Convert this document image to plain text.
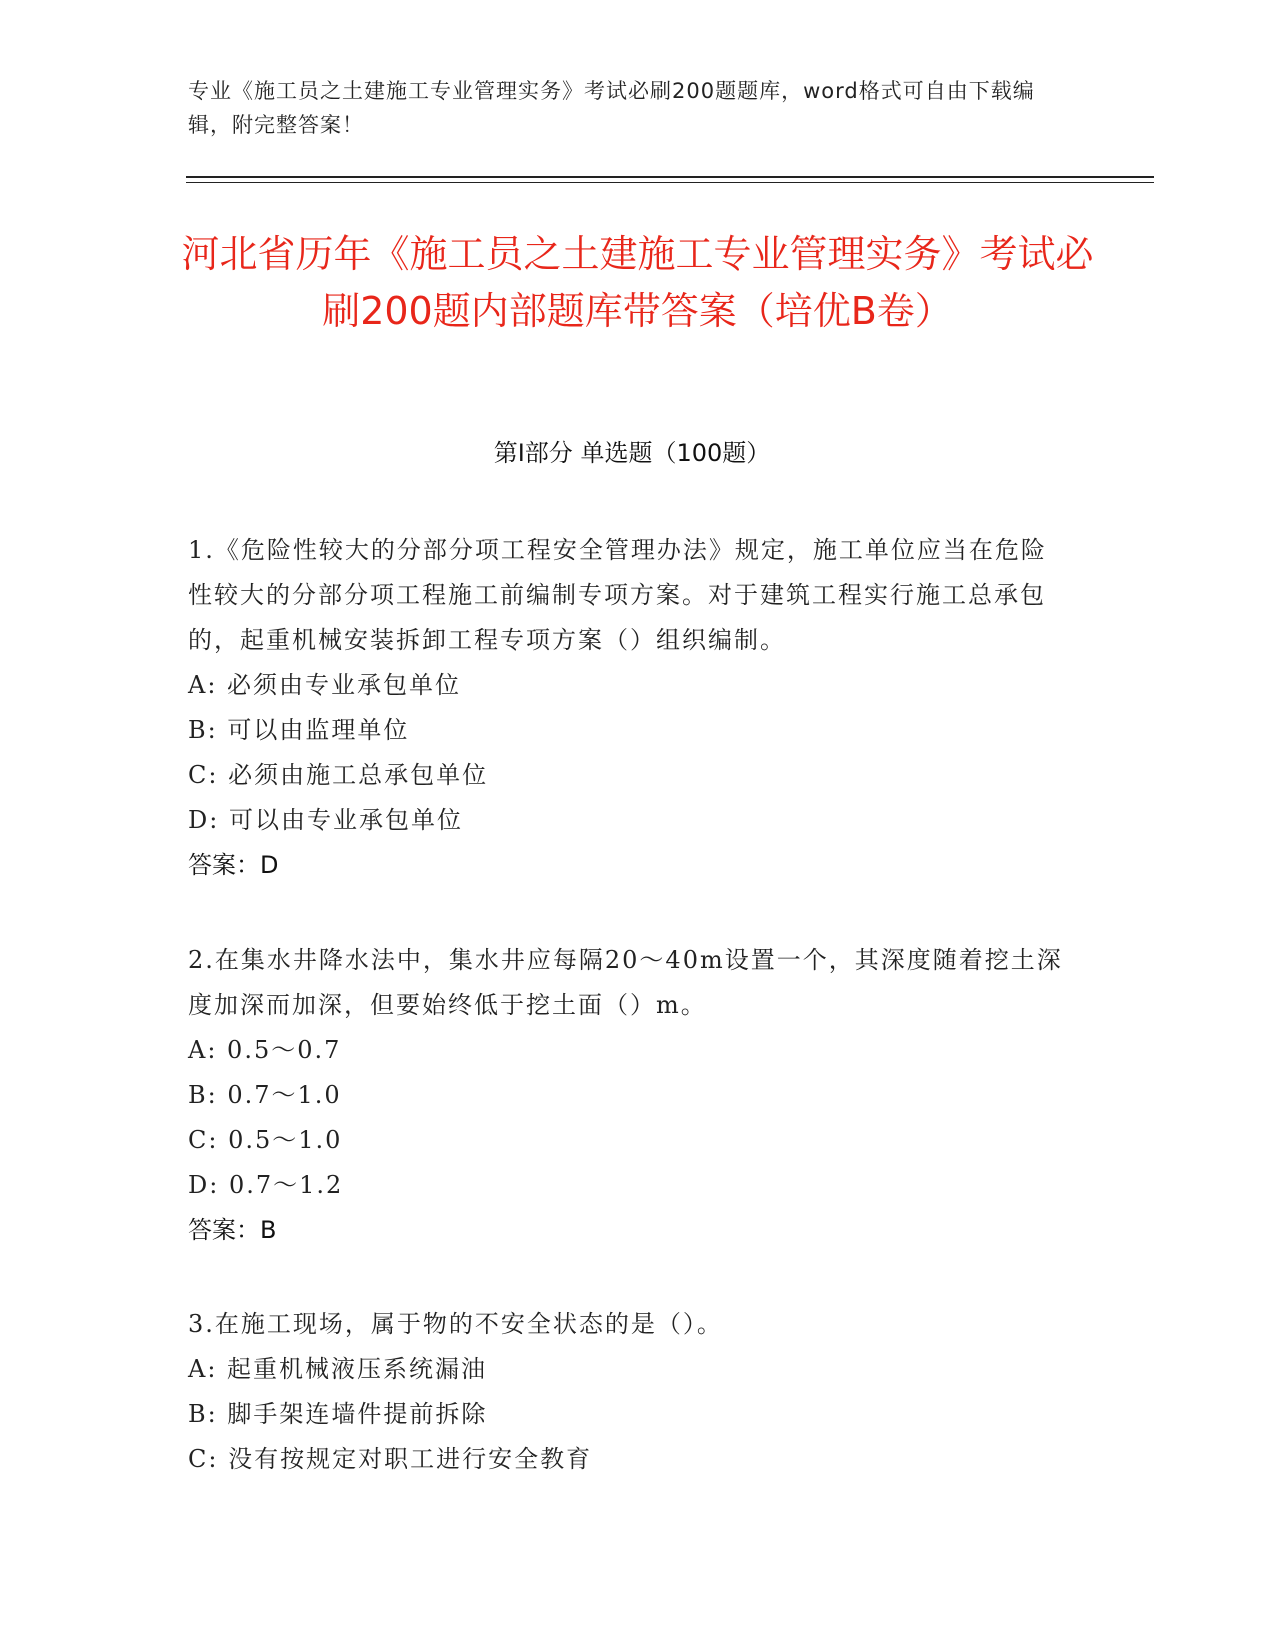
专业《施工员之土建施工专业管理实务》考试必刷200题题库，word格式可自由下载编辑，附完整答案！
河北省历年《施工员之土建施工专业管理实务》考试必刷200题内部题库带答案（培优B卷）
第Ⅰ部分 单选题（100题）
1.《危险性较大的分部分项工程安全管理办法》规定，施工单位应当在危险性较大的分部分项工程施工前编制专项方案。对于建筑工程实行施工总承包的，起重机械安装拆卸工程专项方案（）组织编制。
A: 必须由专业承包单位
B: 可以由监理单位
C: 必须由施工总承包单位
D: 可以由专业承包单位
答案：D
2.在集水井降水法中，集水井应每隔20～40m设置一个，其深度随着挖土深度加深而加深，但要始终低于挖土面（）m。
A: 0.5～0.7
B: 0.7～1.0
C: 0.5～1.0
D: 0.7～1.2
答案：B
3.在施工现场，属于物的不安全状态的是（）。
A: 起重机械液压系统漏油
B: 脚手架连墙件提前拆除
C: 没有按规定对职工进行安全教育
